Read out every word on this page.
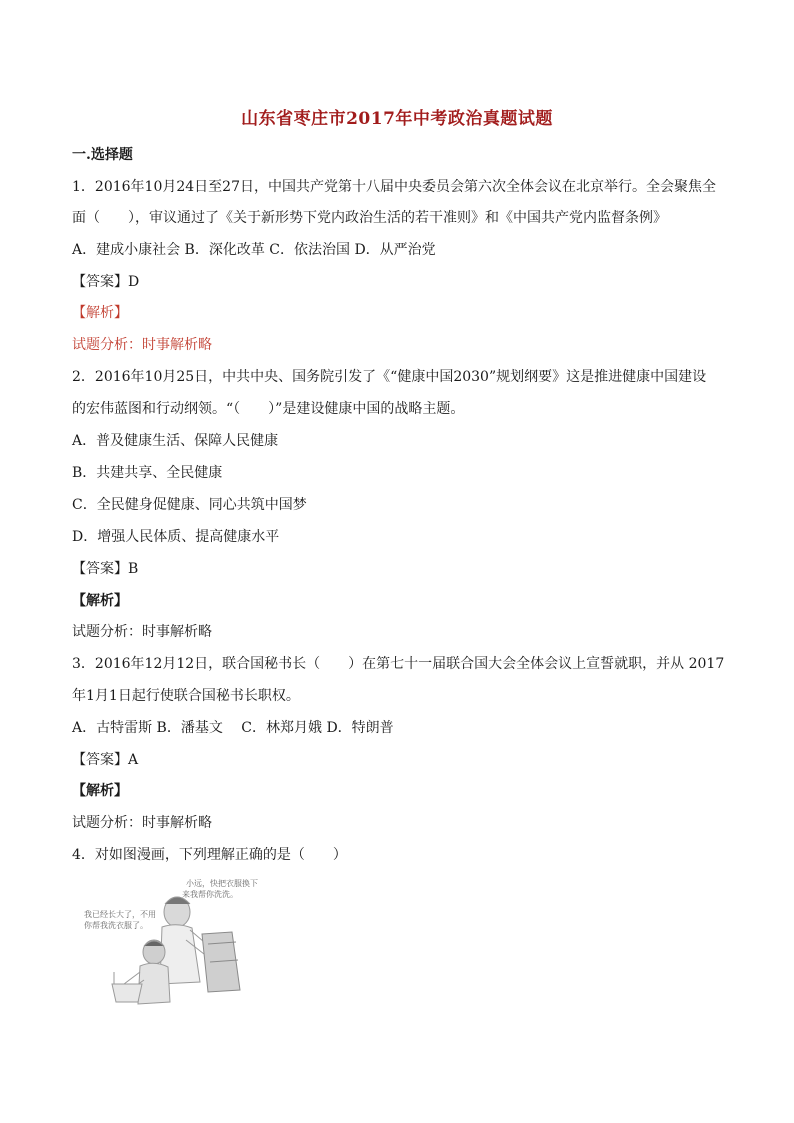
山东省枣庄市2017年中考政治真题试题
一.选择题
1．2016年10月24日至27日，中国共产党第十八届中央委员会第六次全体会议在北京举行。全会聚焦全
面（　　），审议通过了《关于新形势下党内政治生活的若干准则》和《中国共产党内监督条例》
A．建成小康社会 B．深化改革 C．依法治国 D．从严治党
【答案】D
【解析】
试题分析：时事解析略
2．2016年10月25日，中共中央、国务院引发了《“健康中国2030”规划纲要》这是推进健康中国建设
的宏伟蓝图和行动纲领。“（　　）”是建设健康中国的战略主题。
A．普及健康生活、保障人民健康
B．共建共享、全民健康
C．全民健身促健康、同心共筑中国梦
D．增强人民体质、提高健康水平
【答案】B
【解析】
试题分析：时事解析略
3．2016年12月12日，联合国秘书长（　　）在第七十一届联合国大会全体会议上宣誓就职，并从 2017
年1月1日起行使联合国秘书长职权。
A．古特雷斯 B．潘基文　 C．林郑月娥 D．特朗普
【答案】A
【解析】
试题分析：时事解析略
4．对如图漫画，下列理解正确的是（　　）
小远，快把衣服换下
来我帮你洗洗。
我已经长大了，不用
你帮我洗衣服了。
